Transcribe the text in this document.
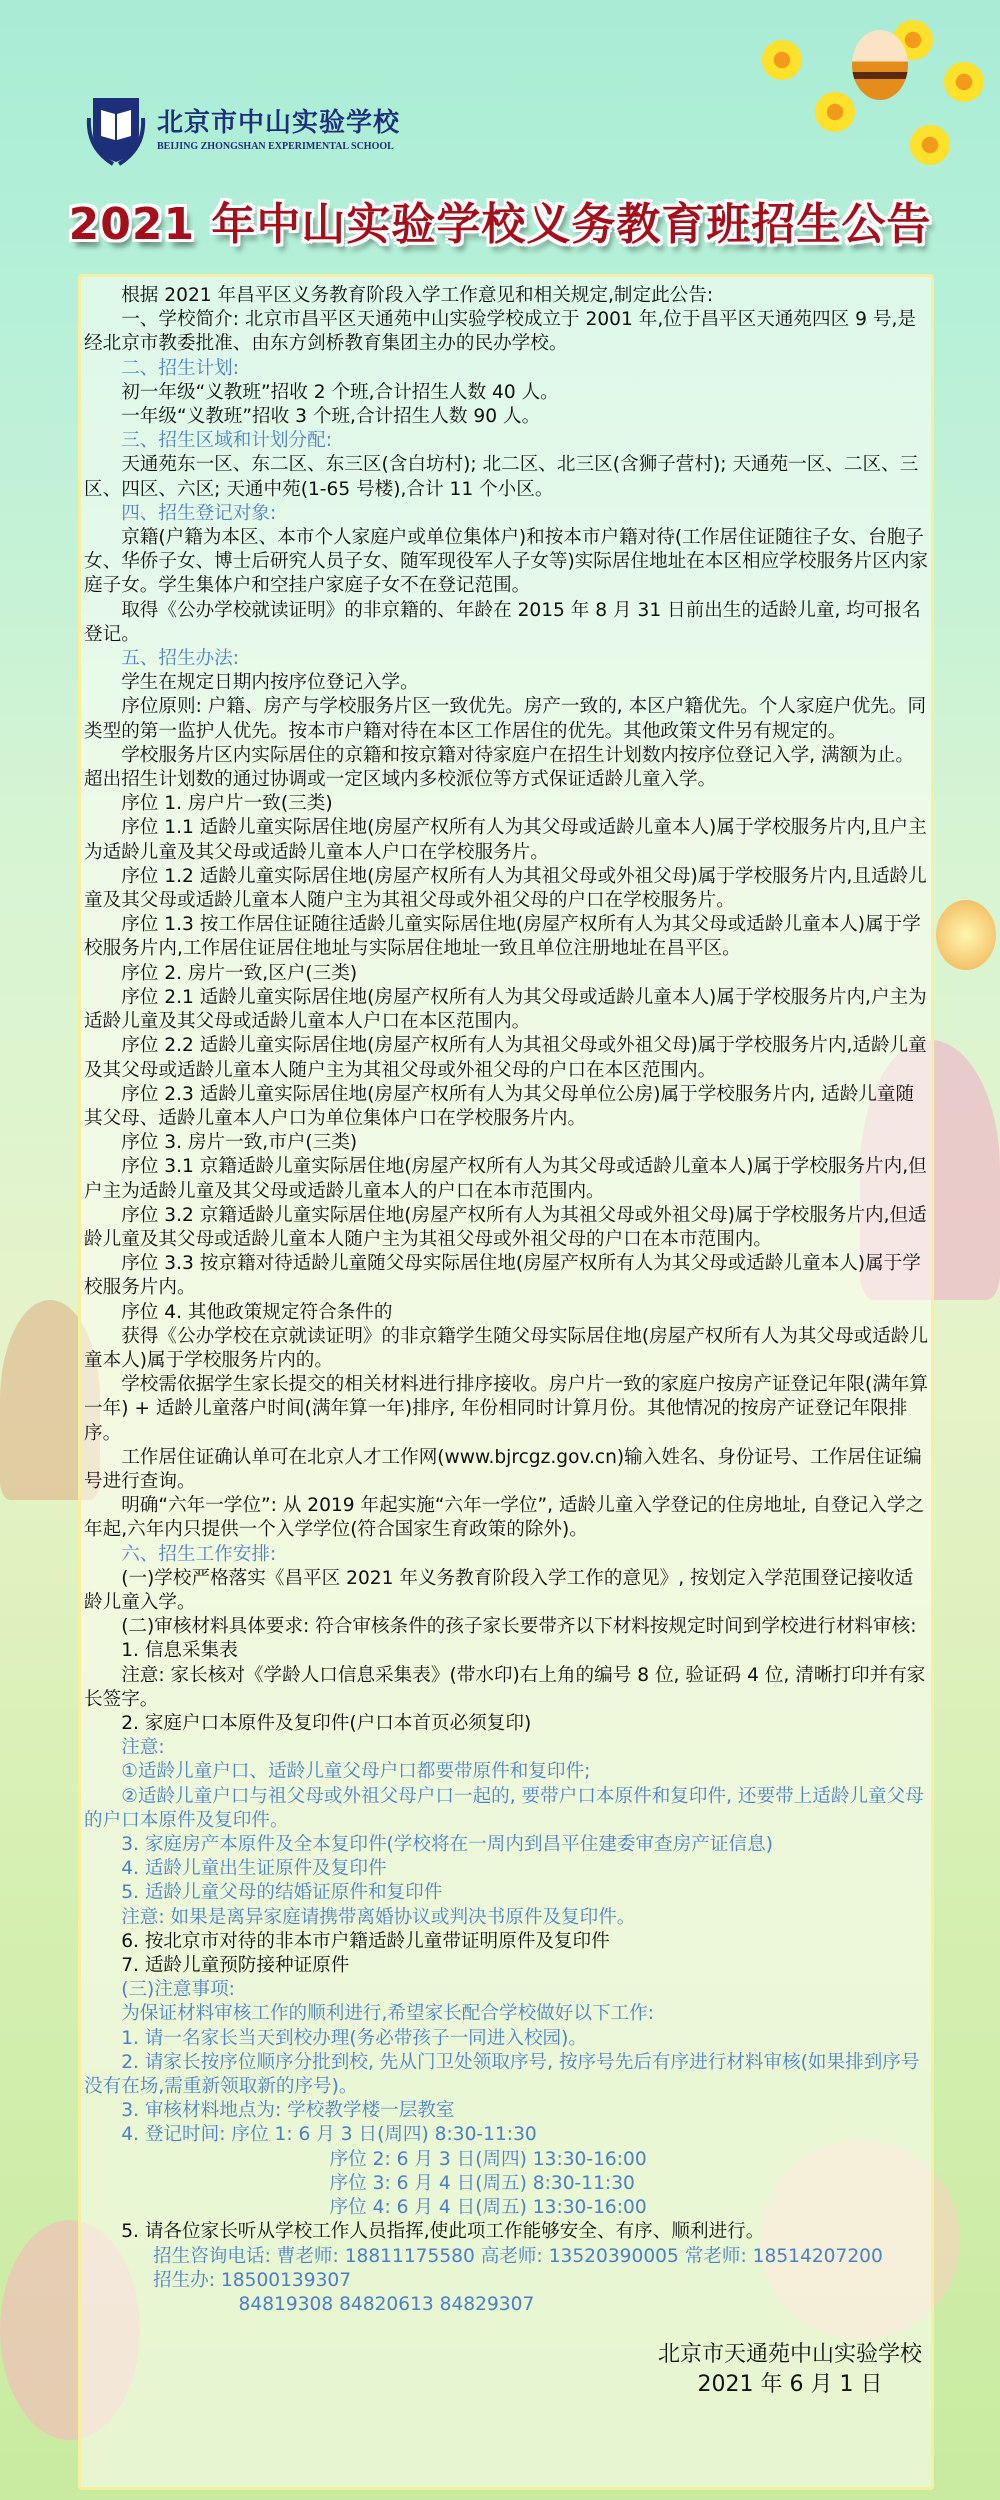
北京市中山实验学校
BEIJING ZHONGSHAN EXPERIMENTAL SCHOOL
2021 年中山实验学校义务教育班招生公告

根据 2021 年昌平区义务教育阶段入学工作意见和相关规定,制定此公告:

一、学校简介: 北京市昌平区天通苑中山实验学校成立于 2001 年,位于昌平区天通苑四区 9 号,是经北京市教委批准、由东方剑桥教育集团主办的民办学校。

二、招生计划:

初一年级“义教班”招收 2 个班,合计招生人数 40 人。

一年级“义教班”招收 3 个班,合计招生人数 90 人。

三、招生区域和计划分配:

天通苑东一区、东二区、东三区(含白坊村); 北二区、北三区(含狮子营村); 天通苑一区、二区、三区、四区、六区; 天通中苑(1-65 号楼),合计 11 个小区。

四、招生登记对象:

京籍(户籍为本区、本市个人家庭户或单位集体户)和按本市户籍对待(工作居住证随往子女、台胞子女、华侨子女、博士后研究人员子女、随军现役军人子女等)实际居住地址在本区相应学校服务片区内家庭子女。学生集体户和空挂户家庭子女不在登记范围。

取得《公办学校就读证明》的非京籍的、年龄在 2015 年 8 月 31 日前出生的适龄儿童, 均可报名登记。

五、招生办法:

学生在规定日期内按序位登记入学。

序位原则: 户籍、房产与学校服务片区一致优先。房产一致的, 本区户籍优先。个人家庭户优先。同类型的第一监护人优先。按本市户籍对待在本区工作居住的优先。其他政策文件另有规定的。

学校服务片区内实际居住的京籍和按京籍对待家庭户在招生计划数内按序位登记入学, 满额为止。超出招生计划数的通过协调或一定区域内多校派位等方式保证适龄儿童入学。

序位 1. 房户片一致(三类)

序位 1.1 适龄儿童实际居住地(房屋产权所有人为其父母或适龄儿童本人)属于学校服务片内,且户主为适龄儿童及其父母或适龄儿童本人户口在学校服务片。

序位 1.2 适龄儿童实际居住地(房屋产权所有人为其祖父母或外祖父母)属于学校服务片内,且适龄儿童及其父母或适龄儿童本人随户主为其祖父母或外祖父母的户口在学校服务片。

序位 1.3 按工作居住证随往适龄儿童实际居住地(房屋产权所有人为其父母或适龄儿童本人)属于学校服务片内,工作居住证居住地址与实际居住地址一致且单位注册地址在昌平区。

序位 2. 房片一致,区户(三类)

序位 2.1 适龄儿童实际居住地(房屋产权所有人为其父母或适龄儿童本人)属于学校服务片内,户主为适龄儿童及其父母或适龄儿童本人户口在本区范围内。

序位 2.2 适龄儿童实际居住地(房屋产权所有人为其祖父母或外祖父母)属于学校服务片内,适龄儿童及其父母或适龄儿童本人随户主为其祖父母或外祖父母的户口在本区范围内。

序位 2.3 适龄儿童实际居住地(房屋产权所有人为其父母单位公房)属于学校服务片内, 适龄儿童随其父母、适龄儿童本人户口为单位集体户口在学校服务片内。

序位 3. 房片一致,市户(三类)

序位 3.1 京籍适龄儿童实际居住地(房屋产权所有人为其父母或适龄儿童本人)属于学校服务片内,但户主为适龄儿童及其父母或适龄儿童本人的户口在本市范围内。

序位 3.2 京籍适龄儿童实际居住地(房屋产权所有人为其祖父母或外祖父母)属于学校服务片内,但适龄儿童及其父母或适龄儿童本人随户主为其祖父母或外祖父母的户口在本市范围内。

序位 3.3 按京籍对待适龄儿童随父母实际居住地(房屋产权所有人为其父母或适龄儿童本人)属于学校服务片内。

序位 4. 其他政策规定符合条件的

获得《公办学校在京就读证明》的非京籍学生随父母实际居住地(房屋产权所有人为其父母或适龄儿童本人)属于学校服务片内的。

学校需依据学生家长提交的相关材料进行排序接收。房户片一致的家庭户按房产证登记年限(满年算一年) + 适龄儿童落户时间(满年算一年)排序, 年份相同时计算月份。其他情况的按房产证登记年限排序。

工作居住证确认单可在北京人才工作网(www.bjrcgz.gov.cn)输入姓名、身份证号、工作居住证编号进行查询。

明确“六年一学位”: 从 2019 年起实施“六年一学位”, 适龄儿童入学登记的住房地址, 自登记入学之年起,六年内只提供一个入学学位(符合国家生育政策的除外)。

六、招生工作安排:

(一)学校严格落实《昌平区 2021 年义务教育阶段入学工作的意见》, 按划定入学范围登记接收适龄儿童入学。

(二)审核材料具体要求: 符合审核条件的孩子家长要带齐以下材料按规定时间到学校进行材料审核:

1. 信息采集表

注意: 家长核对《学龄人口信息采集表》(带水印)右上角的编号 8 位, 验证码 4 位, 清晰打印并有家长签字。

2. 家庭户口本原件及复印件(户口本首页必须复印)

注意:

①适龄儿童户口、适龄儿童父母户口都要带原件和复印件;

②适龄儿童户口与祖父母或外祖父母户口一起的, 要带户口本原件和复印件, 还要带上适龄儿童父母的户口本原件及复印件。

3. 家庭房产本原件及全本复印件(学校将在一周内到昌平住建委审查房产证信息)

4. 适龄儿童出生证原件及复印件

5. 适龄儿童父母的结婚证原件和复印件

注意: 如果是离异家庭请携带离婚协议或判决书原件及复印件。

6. 按北京市对待的非本市户籍适龄儿童带证明原件及复印件

7. 适龄儿童预防接种证原件

(三)注意事项:

为保证材料审核工作的顺利进行,希望家长配合学校做好以下工作:

1. 请一名家长当天到校办理(务必带孩子一同进入校园)。

2. 请家长按序位顺序分批到校, 先从门卫处领取序号, 按序号先后有序进行材料审核(如果排到序号没有在场,需重新领取新的序号)。

3. 审核材料地点为: 学校教学楼一层教室

4. 登记时间: 序位 1: 6 月 3 日(周四) 8:30-11:30

序位 2: 6 月 3 日(周四) 13:30-16:00

序位 3: 6 月 4 日(周五) 8:30-11:30

序位 4: 6 月 4 日(周五) 13:30-16:00

5. 请各位家长听从学校工作人员指挥,使此项工作能够安全、有序、顺利进行。

招生咨询电话: 曹老师: 18811175580 高老师: 13520390005 常老师: 18514207200
招生办: 18500139307
84819308 84820613 84829307
北京市天通苑中山实验学校
2021 年 6 月 1 日
